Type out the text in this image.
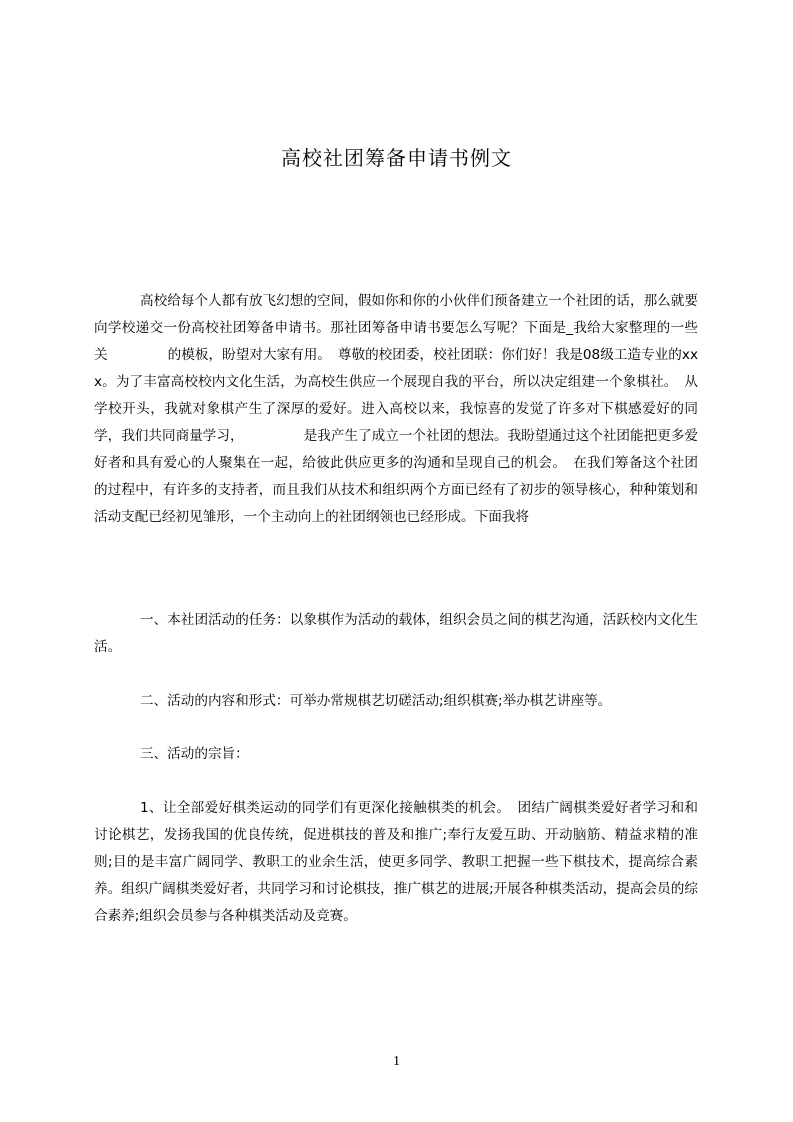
高校社团筹备申请书例文

高校给每个人都有放飞幻想的空间，假如你和你的小伙伴们预备建立一个社团的话，那么就要向学校递交一份高校社团筹备申请书。那社团筹备申请书要怎么写呢？下面是_我给大家整理的一些关	的模板，盼望对大家有用。　尊敬的校团委，校社团联：你们好！我是08级工造专业的xxx。为了丰富高校校内文化生活，为高校生供应一个展现自我的平台，所以决定组建一个象棋社。　从学校开头，我就对象棋产生了深厚的爱好。进入高校以来，我惊喜的发觉了许多对下棋感爱好的同学，我们共同商量学习，	是我产生了成立一个社团的想法。我盼望通过这个社团能把更多爱好者和具有爱心的人聚集在一起，给彼此供应更多的沟通和呈现自己的机会。　在我们筹备这个社团的过程中，有许多的支持者，而且我们从技术和组织两个方面已经有了初步的领导核心，种种策划和活动支配已经初见雏形，一个主动向上的社团纲领也已经形成。下面我将

一、本社团活动的任务：以象棋作为活动的载体，组织会员之间的棋艺沟通，活跃校内文化生活。

二、活动的内容和形式：可举办常规棋艺切磋活动;组织棋赛;举办棋艺讲座等。

三、活动的宗旨：

1、让全部爱好棋类运动的同学们有更深化接触棋类的机会。　团结广阔棋类爱好者学习和和讨论棋艺，发扬我国的优良传统，促进棋技的普及和推广;奉行友爱互助、开动脑筋、精益求精的准则;目的是丰富广阔同学、教职工的业余生活，使更多同学、教职工把握一些下棋技术，提高综合素养。组织广阔棋类爱好者，共同学习和讨论棋技，推广棋艺的进展;开展各种棋类活动，提高会员的综合素养;组织会员参与各种棋类活动及竞赛。

1
